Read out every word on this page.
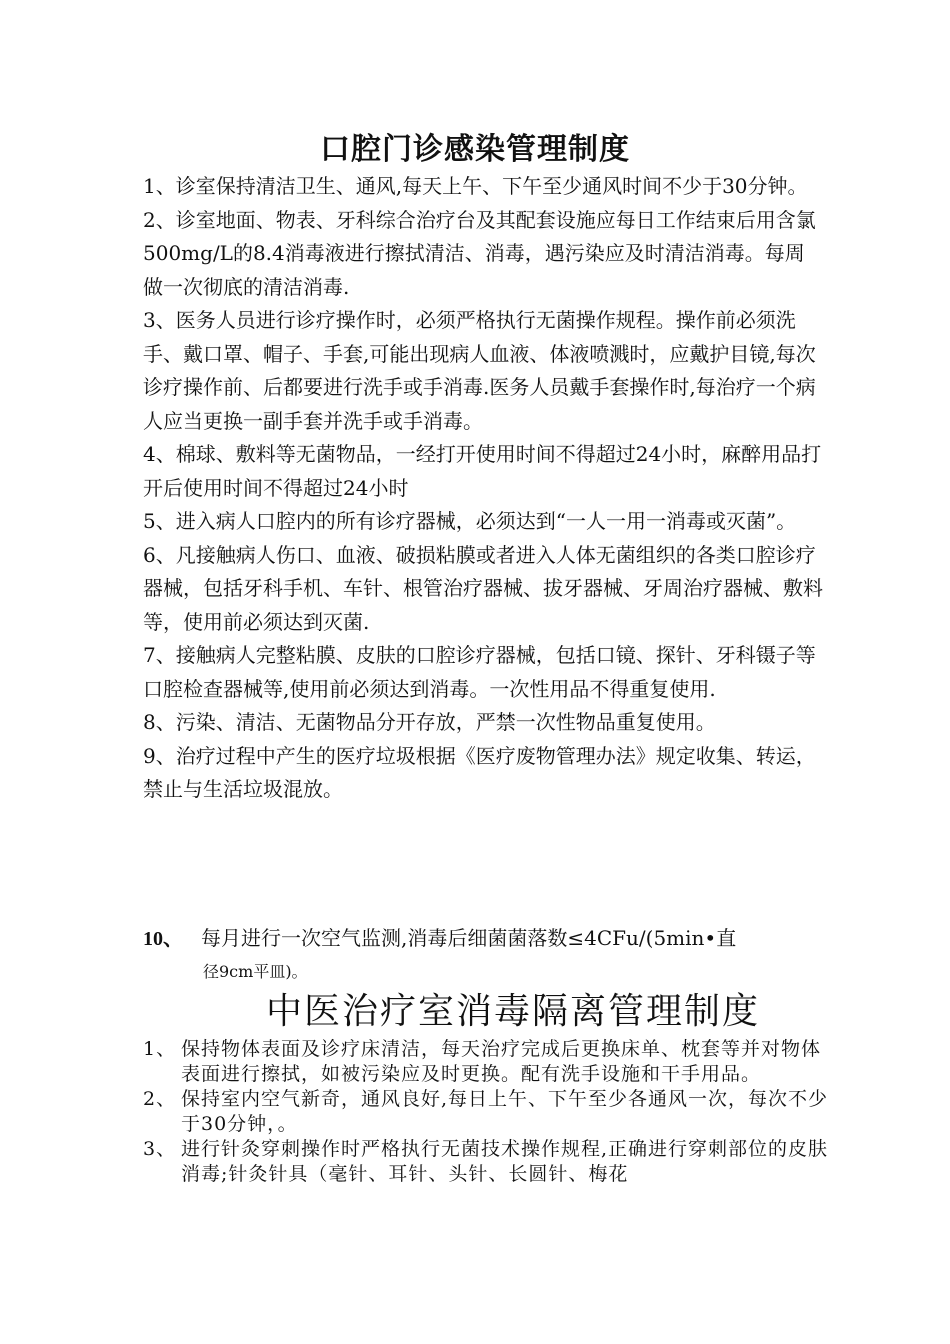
口腔门诊感染管理制度

1、诊室保持清洁卫生、通风,每天上午、下午至少通风时间不少于30分钟。

2、诊室地面、物表、牙科综合治疗台及其配套设施应每日工作结束后用含氯500mg/L的8.4消毒液进行擦拭清洁、消毒，遇污染应及时清洁消毒。每周做一次彻底的清洁消毒.

3、医务人员进行诊疗操作时，必须严格执行无菌操作规程。操作前必须洗手、戴口罩、帽子、手套,可能出现病人血液、体液喷溅时，应戴护目镜,每次诊疗操作前、后都要进行洗手或手消毒.医务人员戴手套操作时,每治疗一个病人应当更换一副手套并洗手或手消毒。

4、棉球、敷料等无菌物品，一经打开使用时间不得超过24小时，麻醉用品打开后使用时间不得超过24小时

5、进入病人口腔内的所有诊疗器械，必须达到“一人一用一消毒或灭菌”。

6、凡接触病人伤口、血液、破损粘膜或者进入人体无菌组织的各类口腔诊疗器械，包括牙科手机、车针、根管治疗器械、拔牙器械、牙周治疗器械、敷料等，使用前必须达到灭菌.

7、接触病人完整粘膜、皮肤的口腔诊疗器械，包括口镜、探针、牙科镊子等口腔检查器械等,使用前必须达到消毒。一次性用品不得重复使用.

8、污染、清洁、无菌物品分开存放，严禁一次性物品重复使用。

9、治疗过程中产生的医疗垃圾根据《医疗废物管理办法》规定收集、转运，禁止与生活垃圾混放。

10、 每月进行一次空气监测,消毒后细菌菌落数≤4CFu/(5min•直
径9cm平皿)。
中医治疗室消毒隔离管理制度
1、 保持物体表面及诊疗床清洁，每天治疗完成后更换床单、枕套等并对物体表面进行擦拭，如被污染应及时更换。配有洗手设施和干手用品。
2、 保持室内空气新奇，通风良好,每日上午、下午至少各通风一次，每次不少于30分钟，。
3、 进行针灸穿刺操作时严格执行无菌技术操作规程,正确进行穿刺部位的皮肤消毒;针灸针具（毫针、耳针、头针、长圆针、梅花
